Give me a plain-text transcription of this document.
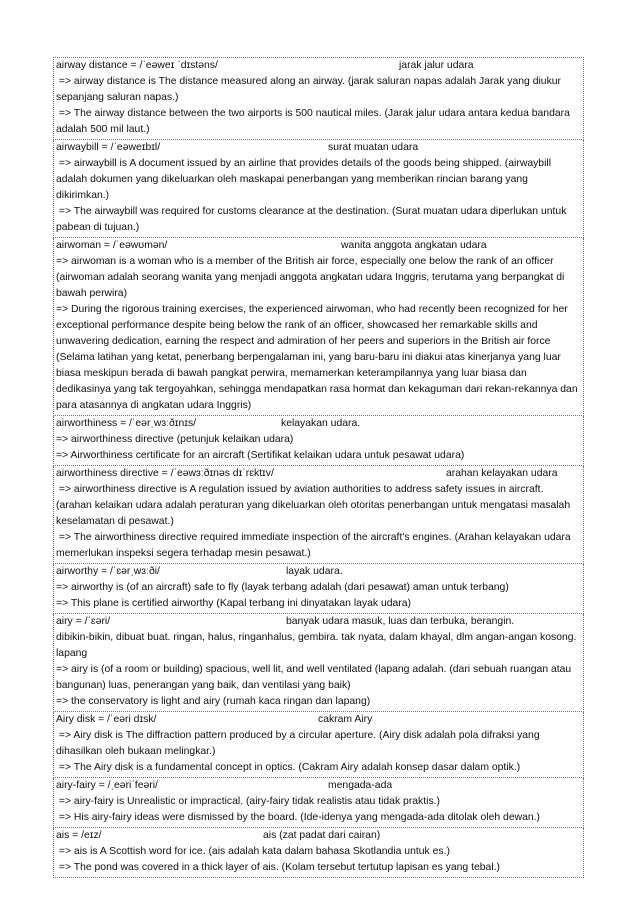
airway distance = /ˈeəweɪ ˈdɪstəns/	jarak jalur udara
=> airway distance is The distance measured along an airway. (jarak saluran napas adalah Jarak yang diukur sepanjang saluran napas.)
=> The airway distance between the two airports is 500 nautical miles. (Jarak jalur udara antara kedua bandara adalah 500 mil laut.)
airwaybill = /ˈeəweɪbɪl/	surat muatan udara
=> airwaybill is A document issued by an airline that provides details of the goods being shipped. (airwaybill adalah dokumen yang dikeluarkan oleh maskapai penerbangan yang memberikan rincian barang yang dikirimkan.)
=> The airwaybill was required for customs clearance at the destination. (Surat muatan udara diperlukan untuk pabean di tujuan.)
airwoman = /ˈeəwʊmən/	wanita anggota angkatan udara
=> airwoman is a woman who is a member of the British air force, especially one below the rank of an officer (airwoman adalah seorang wanita yang menjadi anggota angkatan udara Inggris, terutama yang berpangkat di bawah perwira)
=> During the rigorous training exercises, the experienced airwoman, who had recently been recognized for her exceptional performance despite being below the rank of an officer, showcased her remarkable skills and unwavering dedication, earning the respect and admiration of her peers and superiors in the British air force (Selama latihan yang ketat, penerbang berpengalaman ini, yang baru-baru ini diakui atas kinerjanya yang luar biasa meskipun berada di bawah pangkat perwira, memamerkan keterampilannya yang luar biasa dan dedikasinya yang tak tergoyahkan, sehingga mendapatkan rasa hormat dan kekaguman dari rekan-rekannya dan para atasannya di angkatan udara Inggris)
airworthiness = /ˈeərˌwɜːðɪnɪs/	kelayakan udara.
=> airworthiness directive (petunjuk kelaikan udara)
=> Airworthiness certificate for an aircraft (Sertifikat kelaikan udara untuk pesawat udara)
airworthiness directive = /ˈeəwɜːðɪnəs dɪˈrɛktɪv/	arahan kelayakan udara
=> airworthiness directive is A regulation issued by aviation authorities to address safety issues in aircraft. (arahan kelaikan udara adalah peraturan yang dikeluarkan oleh otoritas penerbangan untuk mengatasi masalah keselamatan di pesawat.)
=> The airworthiness directive required immediate inspection of the aircraft's engines. (Arahan kelayakan udara memerlukan inspeksi segera terhadap mesin pesawat.)
airworthy = /ˈɛərˌwɜːði/	layak udara.
=> airworthy is (of an aircraft) safe to fly (layak terbang adalah (dari pesawat) aman untuk terbang)
=> This plane is certified airworthy (Kapal terbang ini dinyatakan layak udara)
airy = /ˈɛəri/	banyak udara masuk, luas dan terbuka, berangin.
dibikin-bikin, dibuat buat. ringan, halus, ringanhalus, gembira. tak nyata, dalam khayal, dlm angan-angan kosong. lapang
=> airy is (of a room or building) spacious, well lit, and well ventilated (lapang adalah. (dari sebuah ruangan atau bangunan) luas, penerangan yang baik, dan ventilasi yang baik)
=> the conservatory is light and airy (rumah kaca ringan dan lapang)
Airy disk = /ˈeəri dɪsk/	cakram Airy
=> Airy disk is The diffraction pattern produced by a circular aperture. (Airy disk adalah pola difraksi yang dihasilkan oleh bukaan melingkar.)
=> The Airy disk is a fundamental concept in optics. (Cakram Airy adalah konsep dasar dalam optik.)
airy-fairy = /ˌeəriˈfeəri/	mengada-ada
=> airy-fairy is Unrealistic or impractical. (airy-fairy tidak realistis atau tidak praktis.)
=> His airy-fairy ideas were dismissed by the board. (Ide-idenya yang mengada-ada ditolak oleh dewan.)
ais = /eɪz/	ais (zat padat dari cairan)
=> ais is A Scottish word for ice. (ais adalah kata dalam bahasa Skotlandia untuk es.)
=> The pond was covered in a thick layer of ais. (Kolam tersebut tertutup lapisan es yang tebal.)
